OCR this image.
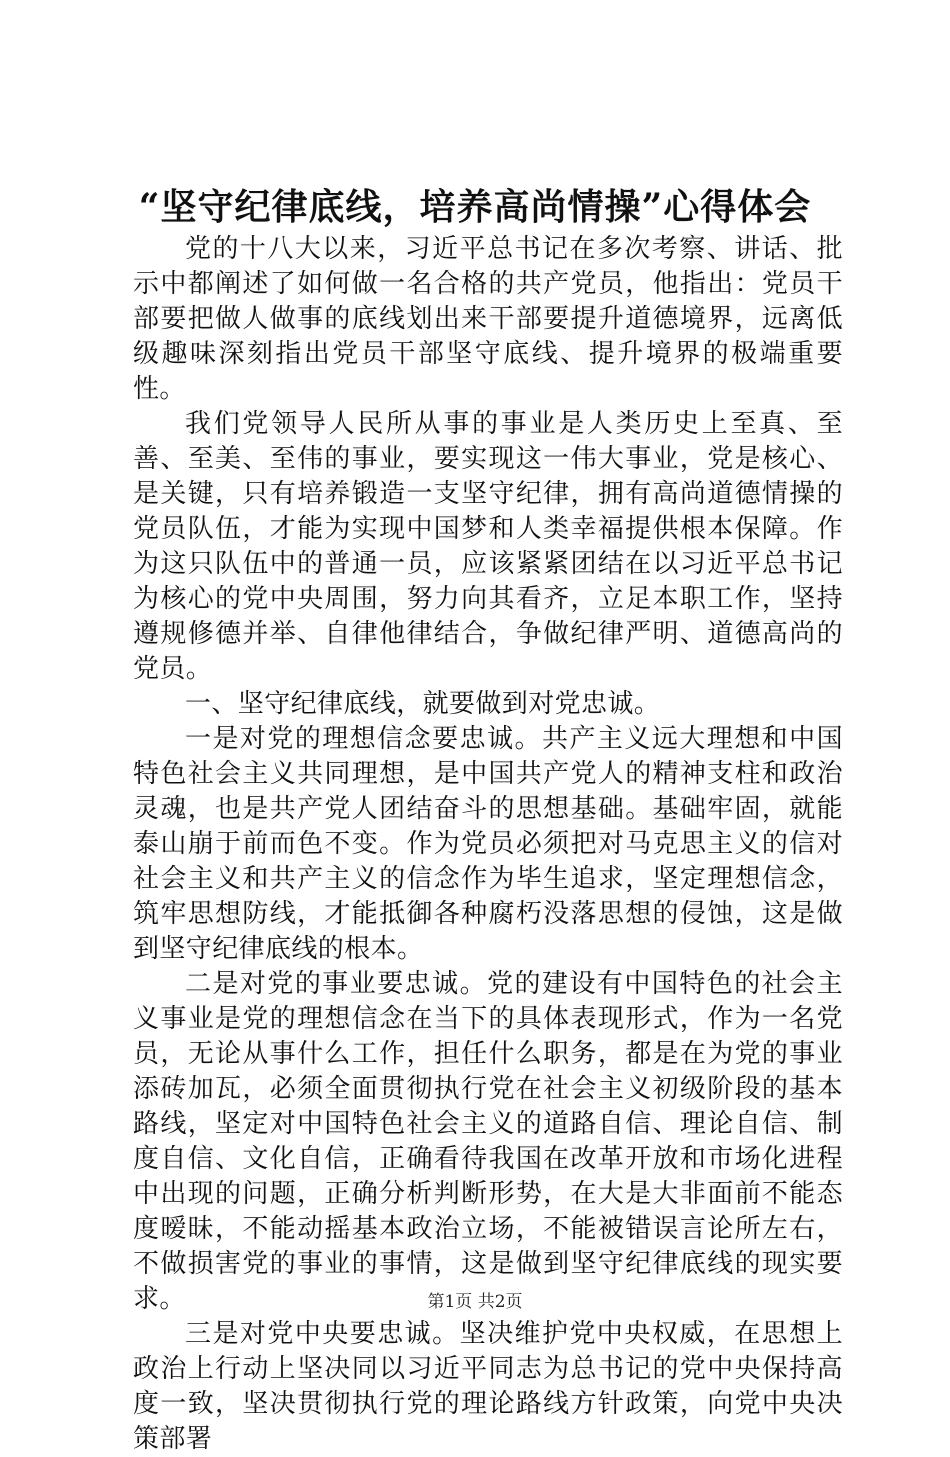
“坚守纪律底线，培养高尚情操”心得体会

党的十八大以来，习近平总书记在多次考察、讲话、批示中都阐述了如何做一名合格的共产党员，他指出：党员干部要把做人做事的底线划出来干部要提升道德境界，远离低级趣味深刻指出党员干部坚守底线、提升境界的极端重要性。

我们党领导人民所从事的事业是人类历史上至真、至善、至美、至伟的事业，要实现这一伟大事业，党是核心、是关键，只有培养锻造一支坚守纪律，拥有高尚道德情操的党员队伍，才能为实现中国梦和人类幸福提供根本保障。作为这只队伍中的普通一员，应该紧紧团结在以习近平总书记为核心的党中央周围，努力向其看齐，立足本职工作，坚持遵规修德并举、自律他律结合，争做纪律严明、道德高尚的党员。

一、坚守纪律底线，就要做到对党忠诚。

一是对党的理想信念要忠诚。共产主义远大理想和中国特色社会主义共同理想，是中国共产党人的精神支柱和政治灵魂，也是共产党人团结奋斗的思想基础。基础牢固，就能泰山崩于前而色不变。作为党员必须把对马克思主义的信对社会主义和共产主义的信念作为毕生追求，坚定理想信念，筑牢思想防线，才能抵御各种腐朽没落思想的侵蚀，这是做到坚守纪律底线的根本。

二是对党的事业要忠诚。党的建设有中国特色的社会主义事业是党的理想信念在当下的具体表现形式，作为一名党员，无论从事什么工作，担任什么职务，都是在为党的事业添砖加瓦，必须全面贯彻执行党在社会主义初级阶段的基本路线，坚定对中国特色社会主义的道路自信、理论自信、制度自信、文化自信，正确看待我国在改革开放和市场化进程中出现的问题，正确分析判断形势，在大是大非面前不能态度暧昧，不能动摇基本政治立场，不能被错误言论所左右，不做损害党的事业的事情，这是做到坚守纪律底线的现实要求。

三是对党中央要忠诚。坚决维护党中央权威，在思想上政治上行动上坚决同以习近平同志为总书记的党中央保持高度一致，坚决贯彻执行党的理论路线方针政策，向党中央决策部署

第1页 共2页
